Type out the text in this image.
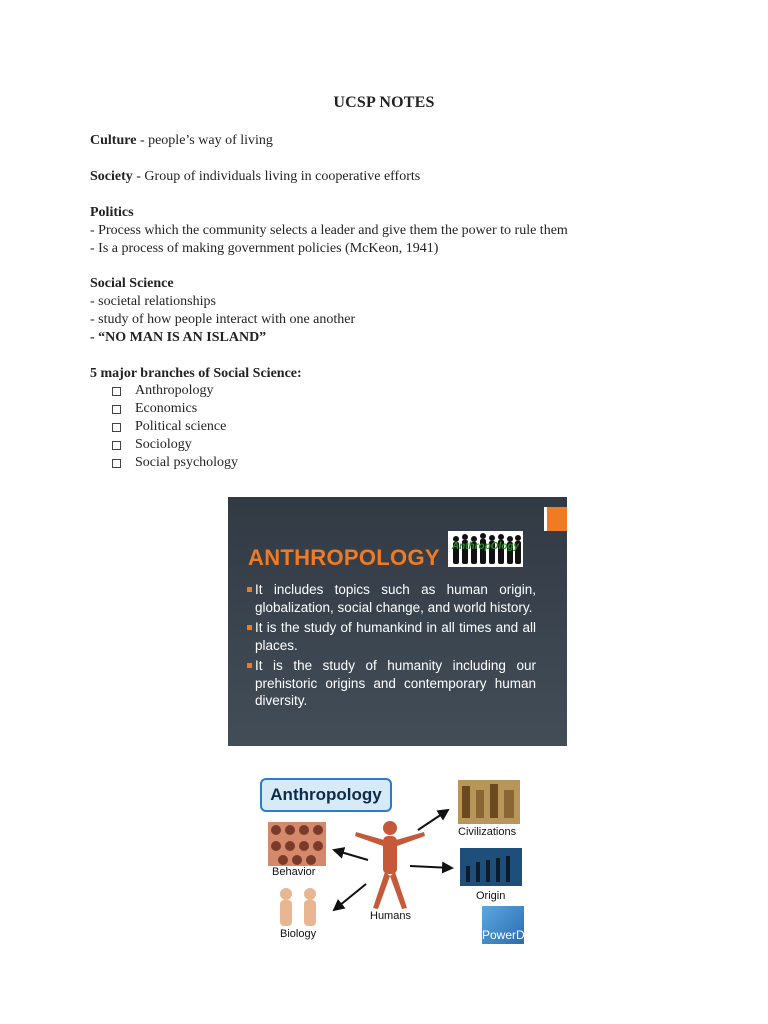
UCSP NOTES
Culture - people’s way of living
Society - Group of individuals living in cooperative efforts
Politics
- Process which the community selects a leader and give them the power to rule them
- Is a process of making government policies (McKeon, 1941)
Social Science
- societal relationships
- study of how people interact with one another
- “NO MAN IS AN ISLAND”
5 major branches of Social Science:
Anthropology
Economics
Political science
Sociology
Social psychology
ANTHROPOLOGY	AnthropOlogy
It includes topics such as human origin, globalization, social change, and world history.
It is the study of humankind in all times and all places.
It is the study of humanity including our prehistoric origins and contemporary human diversity.
Anthropology
Civilizations
Behavior
Origin
Biology
Humans
PowerD
